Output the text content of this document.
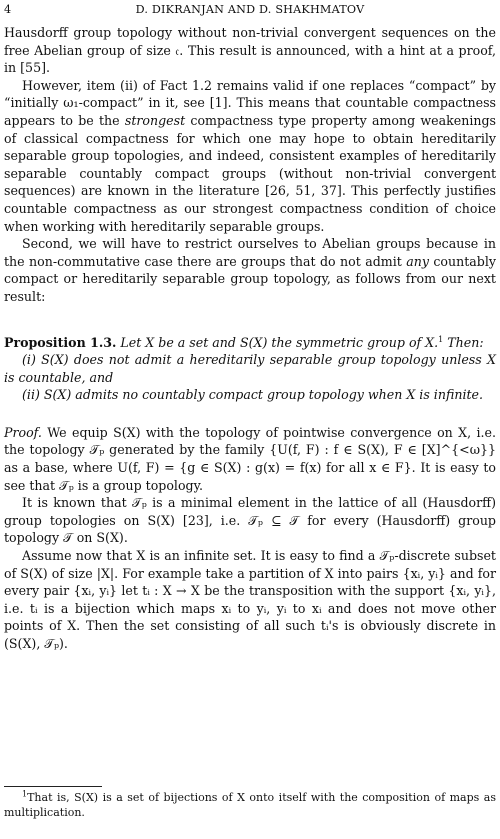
4	D. DIKRANJAN AND D. SHAKHMATOV

Hausdorff group topology without non-trivial convergent sequences on the free Abelian group of size 𝔠. This result is announced, with a hint at a proof, in [55].

However, item (ii) of Fact 1.2 remains valid if one replaces “compact” by “initially ω₁-compact” in it, see [1]. This means that countable compactness appears to be the strongest compactness type property among weakenings of classical compactness for which one may hope to obtain hereditarily separable group topologies, and indeed, consistent examples of hereditarily separable countably compact groups (without non-trivial convergent sequences) are known in the literature [26, 51, 37]. This perfectly justifies countable compactness as our strongest compactness condition of choice when working with hereditarily separable groups.

Second, we will have to restrict ourselves to Abelian groups because in the non-commutative case there are groups that do not admit any countably compact or hereditarily separable group topology, as follows from our next result:

Proposition 1.3. Let X be a set and S(X) the symmetric group of X.$^1$ Then:

(i) S(X) does not admit a hereditarily separable group topology unless X is countable, and

(ii) S(X) admits no countably compact group topology when X is infinite.

Proof. We equip S(X) with the topology of pointwise convergence on X, i.e. the topology 𝒯ₚ generated by the family {U(f, F) : f ∈ S(X), F ∈ [X]^{<ω}} as a base, where U(f, F) = {g ∈ S(X) : g(x) = f(x) for all x ∈ F}. It is easy to see that 𝒯ₚ is a group topology.

It is known that 𝒯ₚ is a minimal element in the lattice of all (Hausdorff) group topologies on S(X) [23], i.e. 𝒯ₚ ⊆ 𝒯 for every (Hausdorff) group topology 𝒯 on S(X).

Assume now that X is an infinite set. It is easy to find a 𝒯ₚ-discrete subset of S(X) of size |X|. For example take a partition of X into pairs {xᵢ, yᵢ} and for every pair {xᵢ, yᵢ} let tᵢ : X → X be the transposition with the support {xᵢ, yᵢ}, i.e. tᵢ is a bijection which maps xᵢ to yᵢ, yᵢ to xᵢ and does not move other points of X. Then the set consisting of all such tᵢ's is obviously discrete in (S(X), 𝒯ₚ).

$^1$That is, S(X) is a set of bijections of X onto itself with the composition of maps as multiplication.
